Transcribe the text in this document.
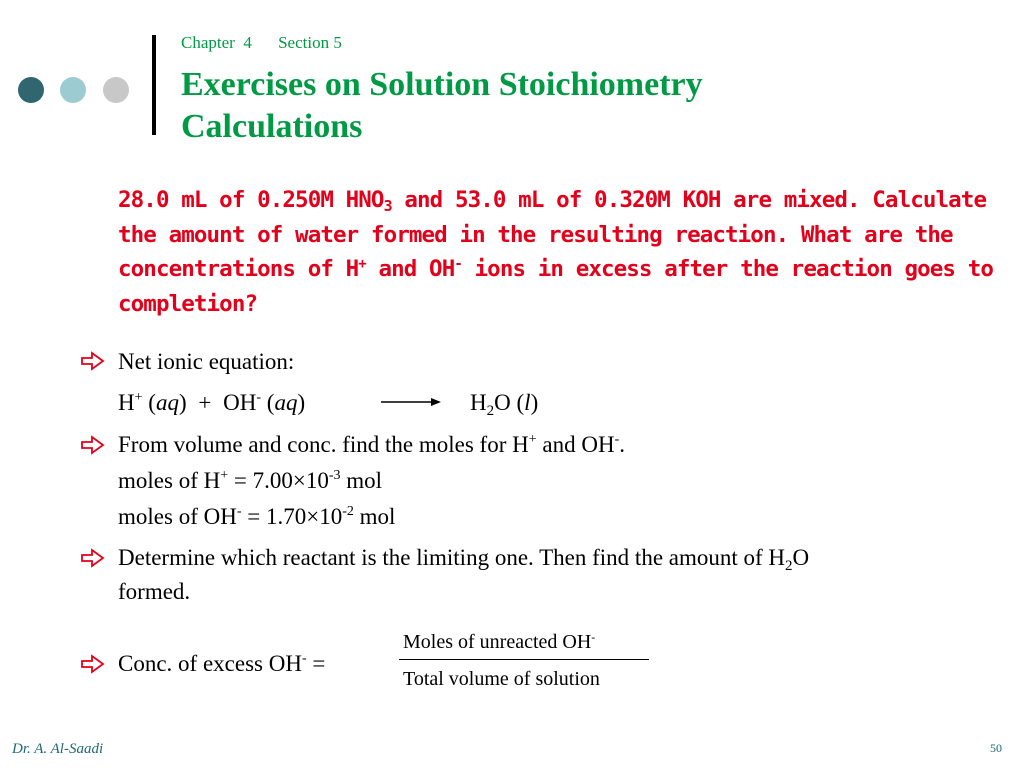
Chapter  4 Section 5
Exercises on Solution Stoichiometry
Calculations
28.0 mL of 0.250M $HNO_3$ and 53.0 mL of 0.320M KOH are mixed. Calculate the amount of water formed in the resulting reaction. What are the concentrations of H+ and OH- ions in excess after the reaction goes to completion?
Net ionic equation:
H+ (aq) + OH- (aq)	$H_2O$ (l)
From volume and conc. find the moles for H+ and OH-.
moles of $H^+ = 7.00\times 10^{-3}$ mol
moles of $OH^- = 1.70\times 10^{-2}$ mol
Determine which reactant is the limiting one. Then find the amount of $H_2O$
formed.
Conc. of excess OH- =
Moles of unreacted OH-
Total volume of solution
Dr. A. Al-Saadi	50
